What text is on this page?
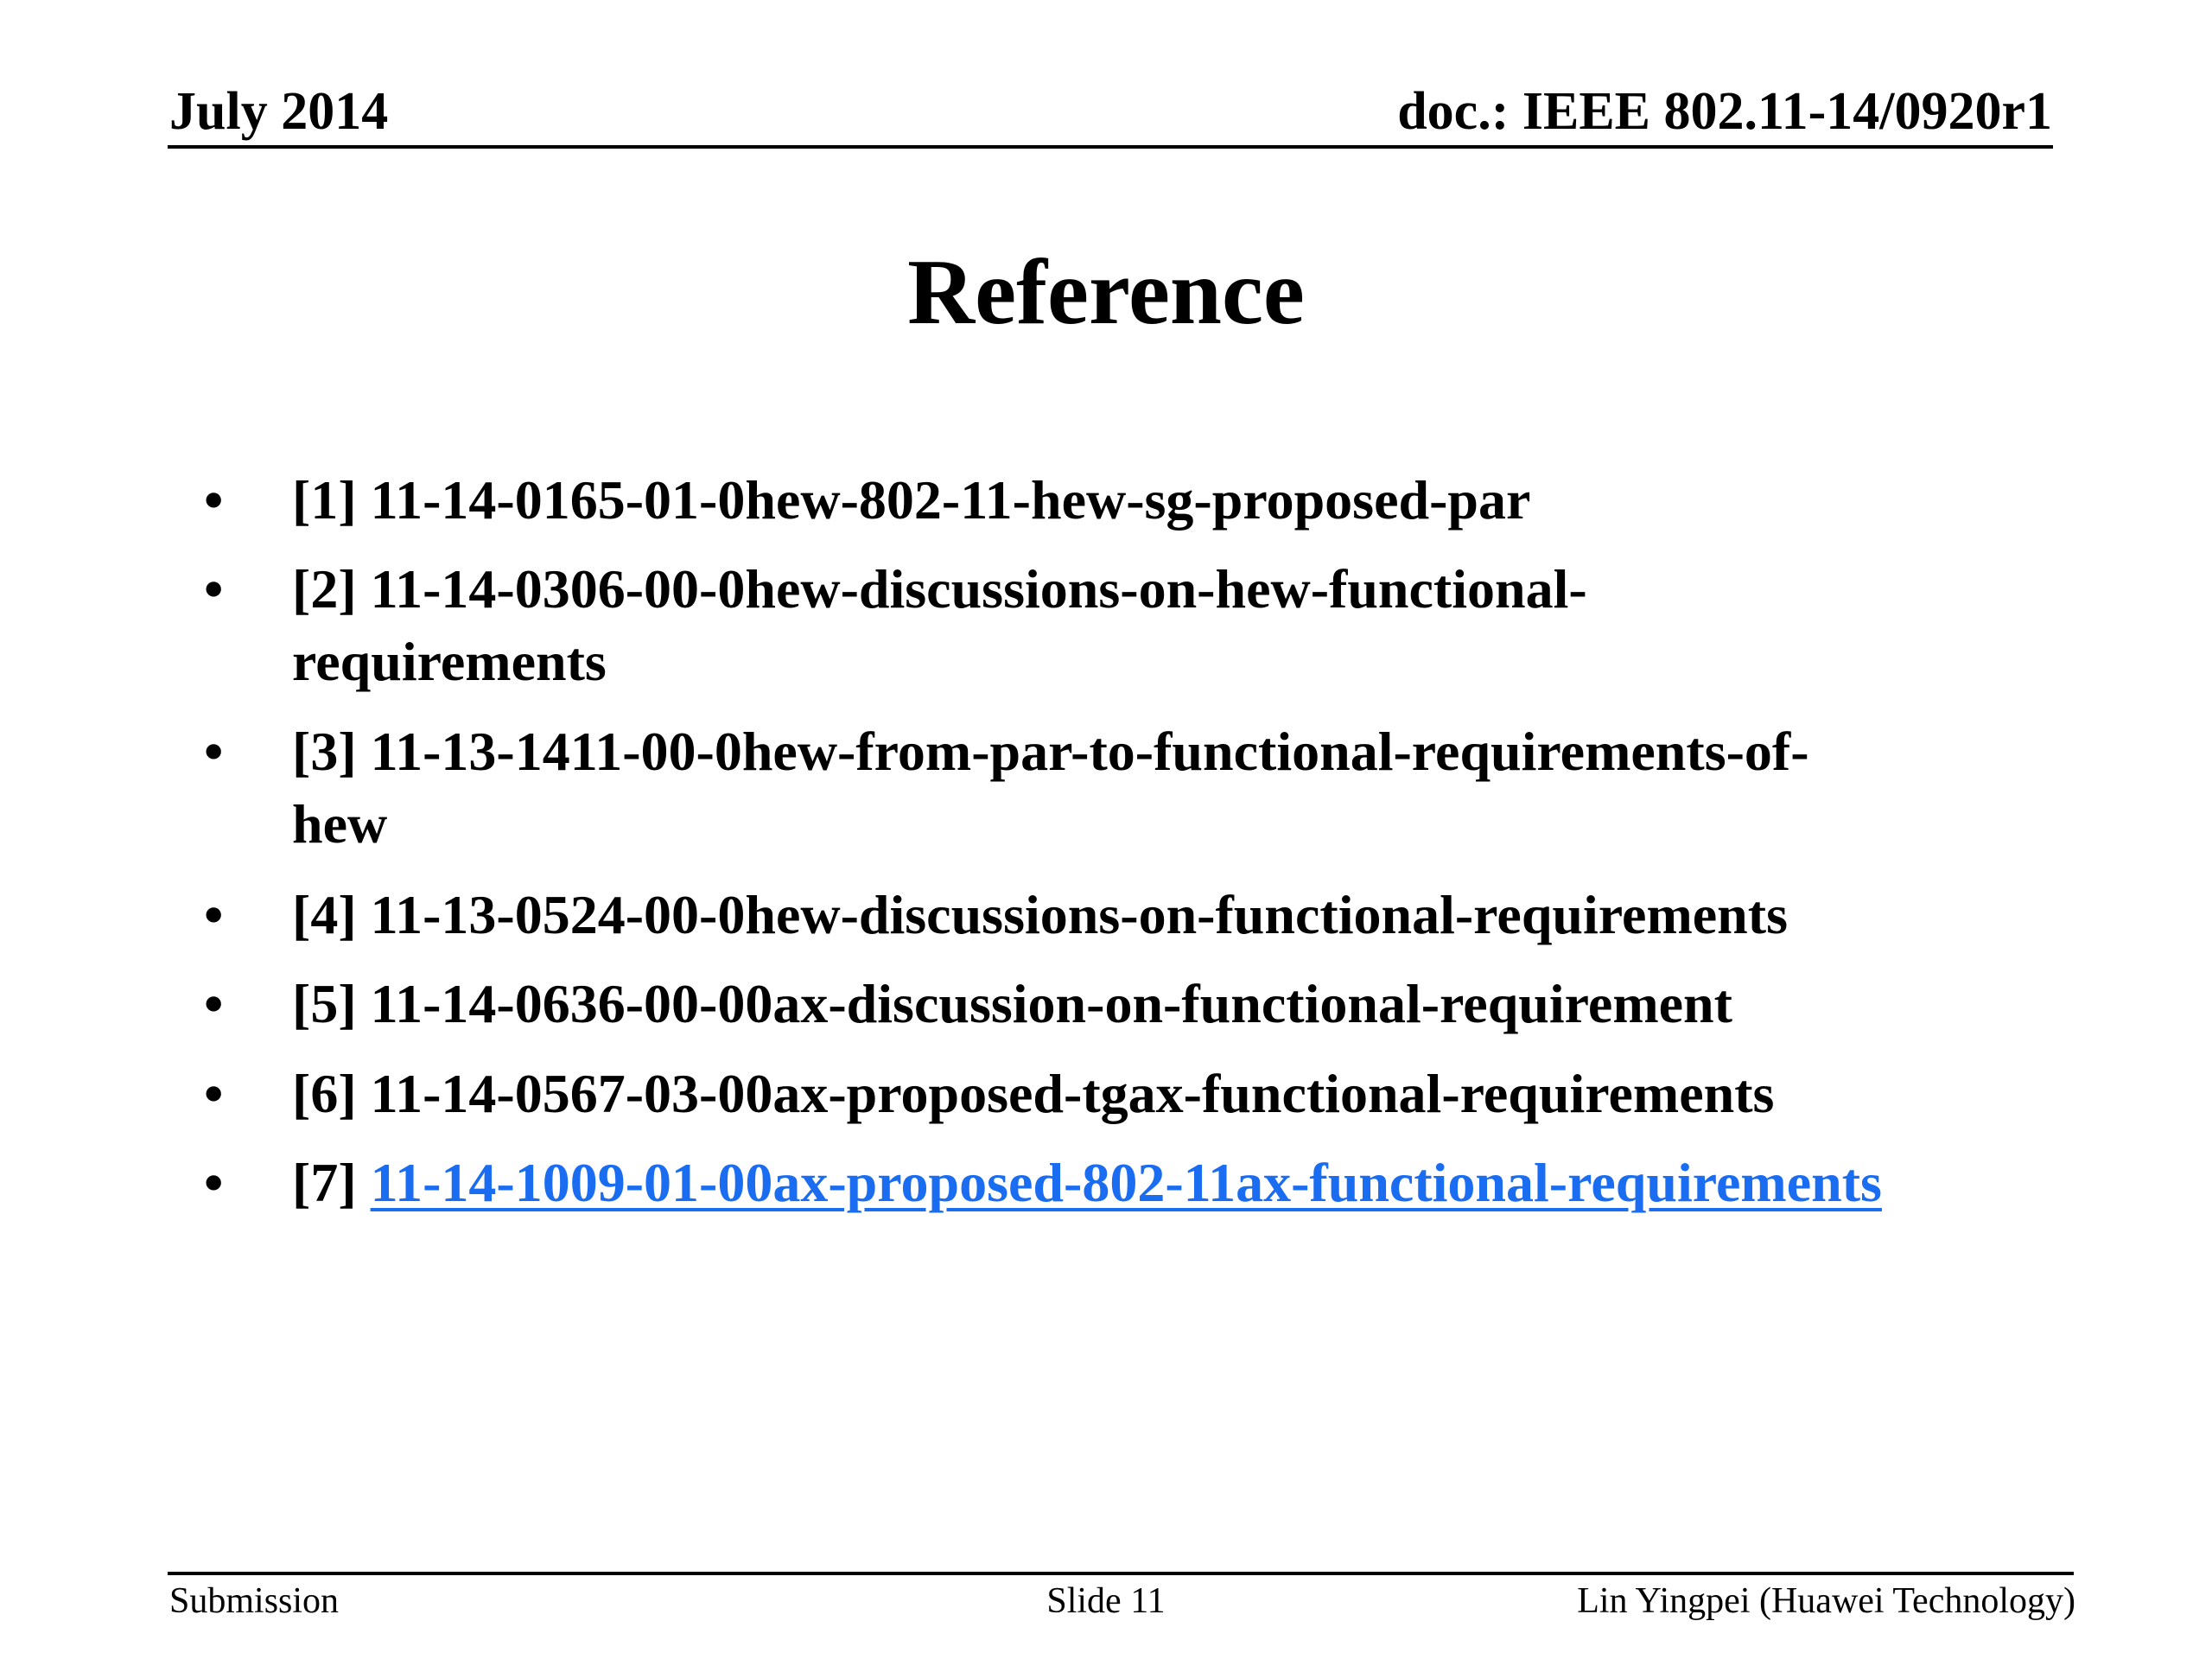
July 2014	doc.: IEEE 802.11-14/0920r1
Reference
• [1] 11-14-0165-01-0hew-802-11-hew-sg-proposed-par
• [2] 11-14-0306-00-0hew-discussions-on-hew-functional-
requirements
• [3] 11-13-1411-00-0hew-from-par-to-functional-requirements-of-
hew
• [4] 11-13-0524-00-0hew-discussions-on-functional-requirements
• [5] 11-14-0636-00-00ax-discussion-on-functional-requirement
• [6] 11-14-0567-03-00ax-proposed-tgax-functional-requirements
• [7] 11-14-1009-01-00ax-proposed-802-11ax-functional-requirements
Submission	Slide 11	Lin Yingpei (Huawei Technology)
